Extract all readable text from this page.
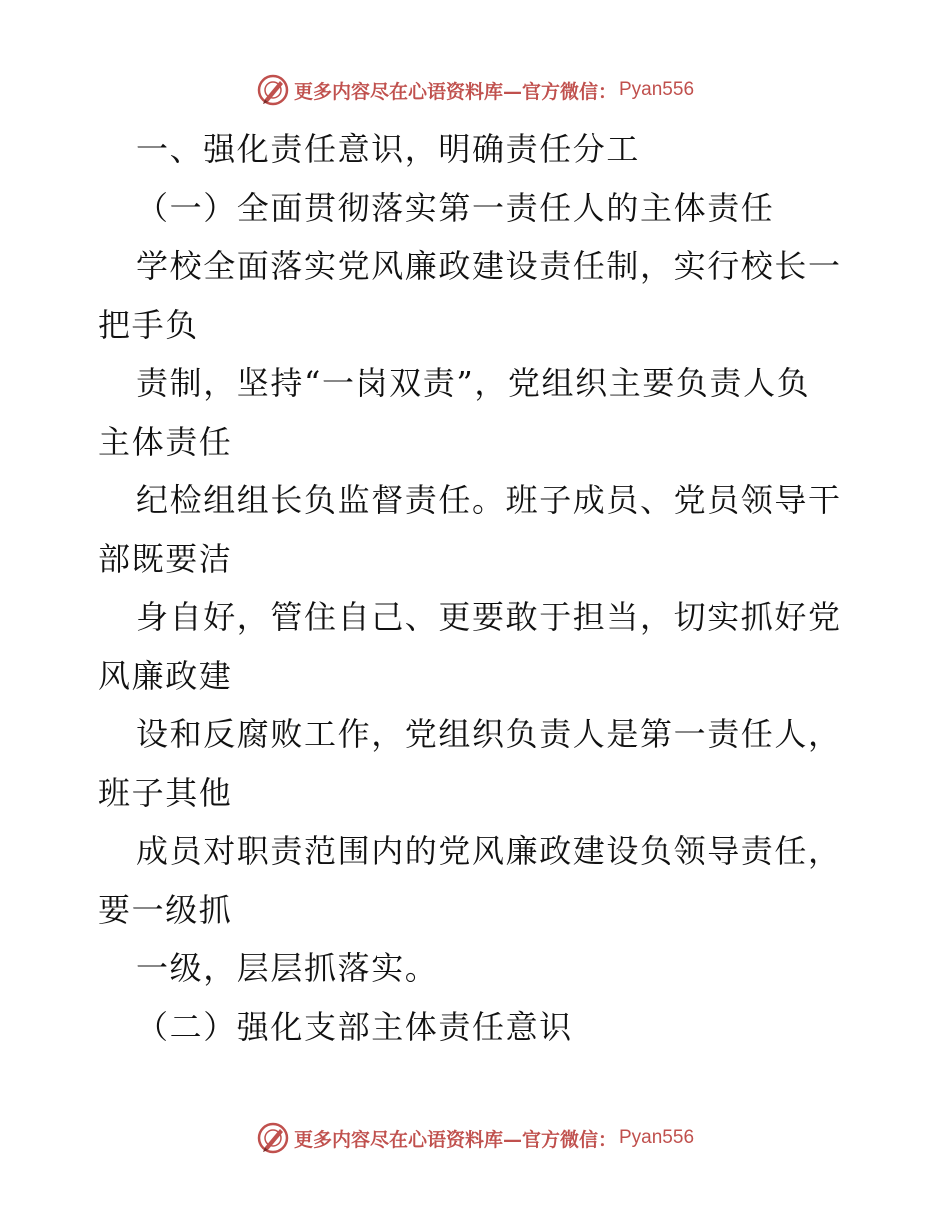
更多内容尽在心语资料库—官方微信： Pyan556
一、强化责任意识，明确责任分工
（一）全面贯彻落实第一责任人的主体责任
学校全面落实党风廉政建设责任制，实行校长一
把手负
责制，坚持“一岗双责”，党组织主要负责人负
主体责任
纪检组组长负监督责任。班子成员、党员领导干
部既要洁
身自好，管住自己、更要敢于担当，切实抓好党
风廉政建
设和反腐败工作，党组织负责人是第一责任人，
班子其他
成员对职责范围内的党风廉政建设负领导责任，
要一级抓
一级，层层抓落实。
（二）强化支部主体责任意识
更多内容尽在心语资料库—官方微信： Pyan556
